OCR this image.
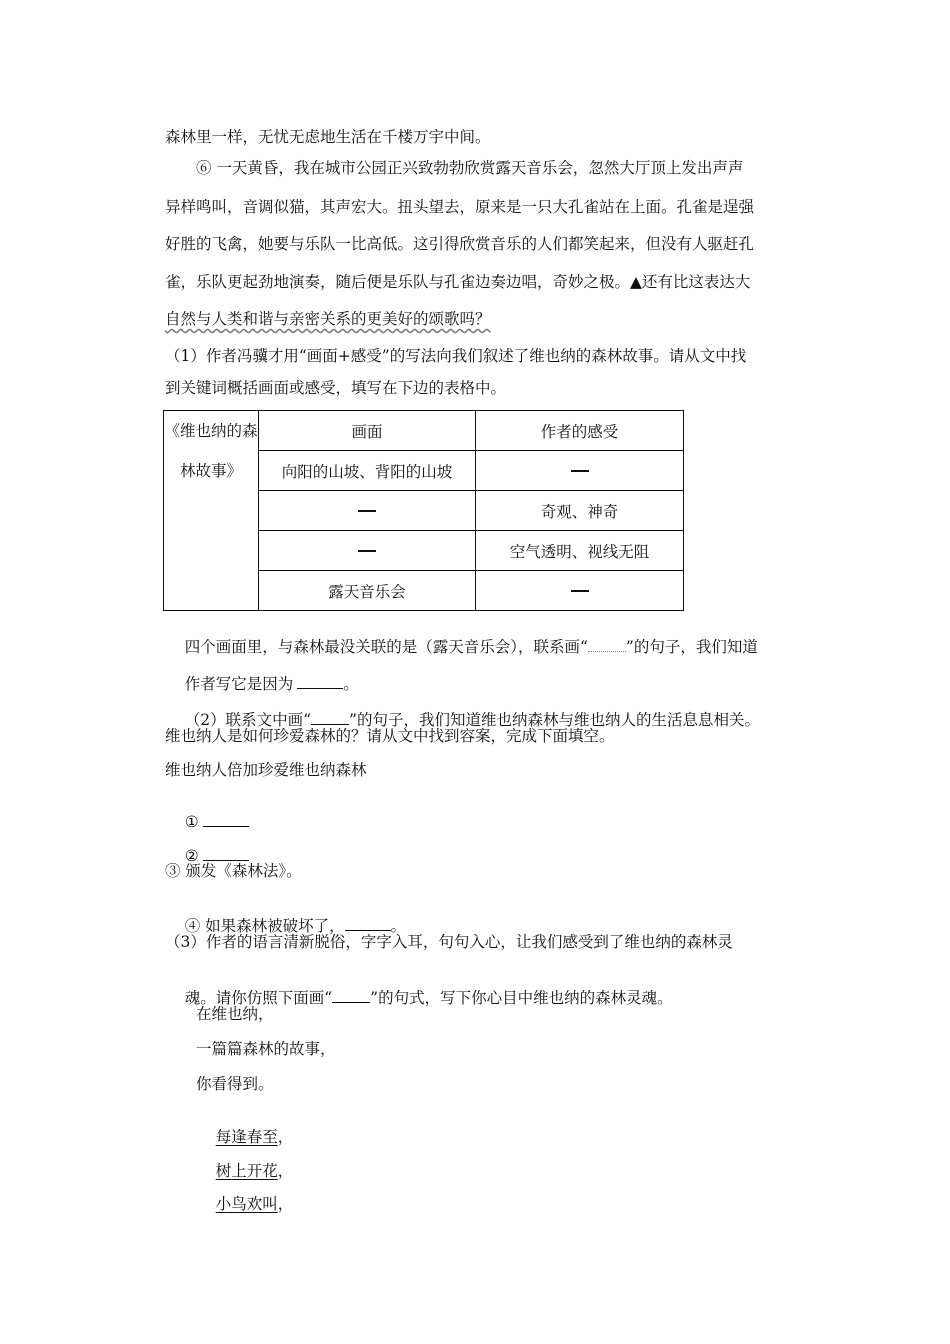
森林里一样，无忧无虑地生活在千楼万宇中间。
⑥ 一天黄昏，我在城市公园正兴致勃勃欣赏露天音乐会，忽然大厅顶上发出声声
异样鸣叫，音调似猫，其声宏大。扭头望去，原来是一只大孔雀站在上面。孔雀是逞强
好胜的飞禽，她要与乐队一比高低。这引得欣赏音乐的人们都笑起来，但没有人驱赶孔
雀，乐队更起劲地演奏，随后便是乐队与孔雀边奏边唱，奇妙之极。▲还有比这表达大
自然与人类和谐与亲密关系的更美好的颂歌吗？
（1）作者冯骥才用“画面+感受”的写法向我们叙述了维也纳的森林故事。请从文中找
到关键词概括画面或感受，填写在下边的表格中。
《维也纳的森林故事》	画面	作者的感受
	向阳的山坡、背阳的山坡	
		奇观、神奇
		空气透明、视线无阻
	露天音乐会	

四个画面里，与森林最没关联的是（露天音乐会），联系画“ ”的句子，我们知道

作者写它是因为	。

（2）联系文中画“ ”的句子，我们知道维也纳森林与维也纳人的生活息息相关。

维也纳人是如何珍爱森林的？请从文中找到容案，完成下面填空。
维也纳人倍加珍爱维也纳森林

①

②

③ 颁发《森林法》。

④ 如果森林被破坏了，	。

（3）作者的语言清新脱俗，字字入耳，句句入心，让我们感受到了维也纳的森林灵

魂。请你仿照下面画“ ”的句式，写下你心目中维也纳的森林灵魂。

在维也纳，
一篇篇森林的故事，
你看得到。

每逢春至，

树上开花，

小鸟欢叫，
